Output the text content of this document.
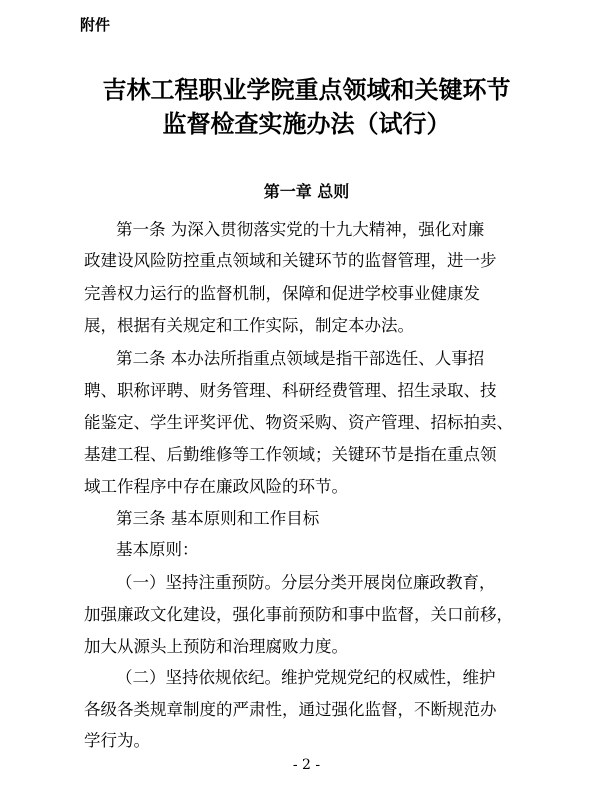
附件
吉林工程职业学院重点领域和关键环节
监督检查实施办法（试行）
第一章 总则
第一条 为深入贯彻落实党的十九大精神，强化对廉
政建设风险防控重点领域和关键环节的监督管理，进一步
完善权力运行的监督机制，保障和促进学校事业健康发
展，根据有关规定和工作实际，制定本办法。
第二条 本办法所指重点领域是指干部选任、人事招
聘、职称评聘、财务管理、科研经费管理、招生录取、技
能鉴定、学生评奖评优、物资采购、资产管理、招标拍卖、
基建工程、后勤维修等工作领域；关键环节是指在重点领
域工作程序中存在廉政风险的环节。
第三条 基本原则和工作目标
基本原则：
（一）坚持注重预防。分层分类开展岗位廉政教育，
加强廉政文化建设，强化事前预防和事中监督，关口前移，
加大从源头上预防和治理腐败力度。
（二）坚持依规依纪。维护党规党纪的权威性，维护
各级各类规章制度的严肃性，通过强化监督，不断规范办
学行为。
- 2 -
